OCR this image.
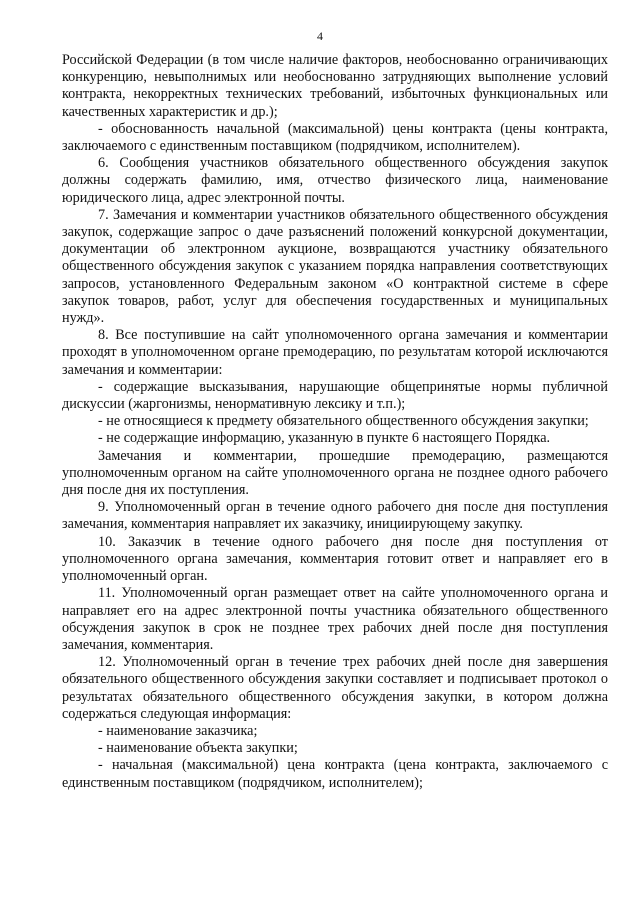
4

Российской Федерации (в том числе наличие факторов, необоснованно ограничивающих конкуренцию, невыполнимых или необоснованно затрудняющих выполнение условий контракта, некорректных технических требований, избыточных функциональных или качественных характеристик и др.);

- обоснованность начальной (максимальной) цены контракта (цены контракта, заключаемого с единственным поставщиком (подрядчиком, исполнителем).

6. Сообщения участников обязательного общественного обсуждения закупок должны содержать фамилию, имя, отчество физического лица, наименование юридического лица, адрес электронной почты.

7. Замечания и комментарии участников обязательного общественного обсуждения закупок, содержащие запрос о даче разъяснений положений конкурсной документации, документации об электронном аукционе, возвращаются участнику обязательного общественного обсуждения закупок с указанием порядка направления соответствующих запросов, установленного Федеральным законом «О контрактной системе в сфере закупок товаров, работ, услуг для обеспечения государственных и муниципальных нужд».

8. Все поступившие на сайт уполномоченного органа замечания и комментарии проходят в уполномоченном органе премодерацию, по результатам которой исключаются замечания и комментарии:

- содержащие высказывания, нарушающие общепринятые нормы публичной дискуссии (жаргонизмы, ненормативную лексику и т.п.);

- не относящиеся к предмету обязательного общественного обсуждения закупки;

- не содержащие информацию, указанную в пункте 6 настоящего Порядка.

Замечания и комментарии, прошедшие премодерацию, размещаются уполномоченным органом на сайте уполномоченного органа не позднее одного рабочего дня после дня их поступления.

9. Уполномоченный орган в течение одного рабочего дня после дня поступления замечания, комментария направляет их заказчику, инициирующему закупку.

10. Заказчик в течение одного рабочего дня после дня поступления от уполномоченного органа замечания, комментария готовит ответ и направляет его в уполномоченный орган.

11. Уполномоченный орган размещает ответ на сайте уполномоченного органа и направляет его на адрес электронной почты участника обязательного общественного обсуждения закупок в срок не позднее трех рабочих дней после дня поступления замечания, комментария.

12. Уполномоченный орган в течение трех рабочих дней после дня завершения обязательного общественного обсуждения закупки составляет и подписывает протокол о результатах обязательного общественного обсуждения закупки, в котором должна содержаться следующая информация:

- наименование заказчика;

- наименование объекта закупки;

- начальная (максимальной) цена контракта (цена контракта, заключаемого с единственным поставщиком (подрядчиком, исполнителем);
